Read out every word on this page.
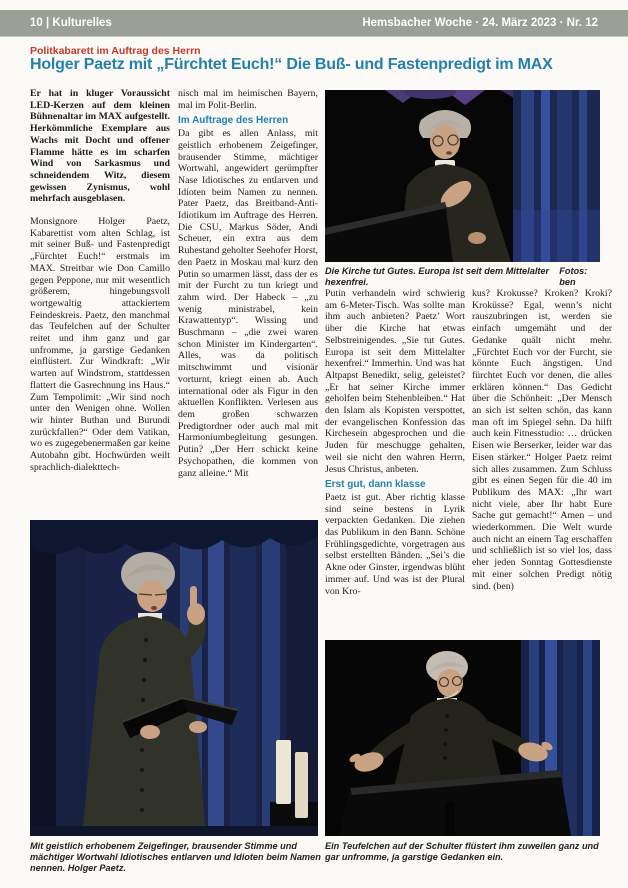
10 | Kulturelles	Hemsbacher Woche · 24. März 2023 · Nr. 12
Politkabarett im Auftrag des Herrn
Holger Paetz mit „Fürchtet Euch!“ Die Buß- und Fastenpredigt im MAX

Er hat in kluger Voraussicht LED-Kerzen auf dem kleinen Bühnenaltar im MAX aufgestellt. Herkömmliche Exemplare aus Wachs mit Docht und offener Flamme hätte es im scharfen Wind von Sarkasmus und schneidendem Witz, diesem gewissen Zynismus, wohl mehrfach ausgeblasen.

Monsignore Holger Paetz, Kabarettist vom alten Schlag, ist mit seiner Buß- und Fastenpredigt „Fürchtet Euch!“ erstmals im MAX. Streitbar wie Don Camillo gegen Peppone, nur mit wesentlich größerem, hingebungsvoll wortgewaltig attackiertem Feindeskreis. Paetz, den manchmal das Teufelchen auf der Schulter reitet und ihm ganz und gar unfromme, ja garstige Gedanken einflüstert. Zur Windkraft: „Wir warten auf Windstrom, stattdessen flattert die Gasrechnung ins Haus.“ Zum Tempolimit: „Wir sind noch unter den Wenigen ohne. Wollen wir hinter Buthan und Burundi zurückfallen?“ Oder dem Vatikan, wo es zugegebenermaßen gar keine Autobahn gibt. Hochwürden weilt sprachlich-dialekttech-

nisch mal im heimischen Bayern, mal im Polit-Berlin.

Im Auftrage des Herren

Da gibt es allen Anlass, mit geistlich erhobenem Zeigefinger, brausender Stimme, mächtiger Wortwahl, angewidert gerümpfter Nase Idiotisches zu entlarven und Idioten beim Namen zu nennen. Pater Paetz, das Breitband-Anti-Idiotikum im Auftrage des Herren. Die CSU, Markus Söder, Andi Scheuer, ein extra aus dem Ruhestand geholter Seehofer Horst, den Paetz in Moskau mal kurz den Putin so umarmen lässt, dass der es mit der Furcht zu tun kriegt und zahm wird. Der Habeck – „zu wenig ministrabel, kein Krawattentyp“. Wissing und Buschmann – „die zwei waren schon Minister im Kindergarten“. Alles, was da politisch mitschwimmt und visionär vorturnt, kriegt einen ab. Auch international oder als Figur in den aktuellen Konflikten. Verlesen aus dem großen schwarzen Predigtordner oder auch mal mit Harmoniumbegleitung gesungen. Putin? „Der Herr schickt keine Psychopathen, die kommen von ganz alleine.“ Mit

Die Kirche tut Gutes. Europa ist seit dem Mittelalter hexenfrei.
Fotos: ben

Putin verhandeln wird schwierig am 6-Meter-Tisch. Was sollte man ihm auch anbieten? Paetz’ Wort über die Kirche hat etwas Selbstreinigendes. „Sie tut Gutes. Europa ist seit dem Mittelalter hexenfrei.“ Immerhin. Und was hat Altpapst Benedikt, selig, geleistet? „Er hat seiner Kirche immer geholfen beim Stehenbleiben.“ Hat den Islam als Kopisten verspottet, der evangelischen Konfession das Kirchesein abgesprochen und die Juden für meschugge gehalten, weil sie nicht den wahren Herrn, Jesus Christus, anbeten.

Erst gut, dann klasse

Paetz ist gut. Aber richtig klasse sind seine bestens in Lyrik verpackten Gedanken. Die ziehen das Publikum in den Bann. Schöne Frühlingsgedichte, vorgetragen aus selbst erstellten Bänden. „Sei’s die Akne oder Ginster, irgendwas blüht immer auf. Und was ist der Plural von Kro-

kus? Krokusse? Kroken? Kroki? Kroküsse? Egal, wenn’s nicht rauszubringen ist, werden sie einfach umgemäht und der Gedanke quält nicht mehr. „Fürchtet Euch vor der Furcht, sie könnte Euch ängstigen. Und fürchtet Euch vor denen, die alles erklären können.“ Das Gedicht über die Schönheit: „Der Mensch an sich ist selten schön, das kann man oft im Spiegel sehn. Da hilft auch kein Fitnesstudio: … drücken Eisen wie Berserker, leider war das Eisen stärker.“ Holger Paetz reimt sich alles zusammen. Zum Schluss gibt es einen Segen für die 40 im Publikum des MAX: „Ihr wart nicht viele, aber Ihr habt Eure Sache gut gemacht!“ Amen – und wiederkommen. Die Welt wurde auch nicht an einem Tag erschaffen und schließlich ist so viel los, dass eher jeden Sonntag Gottesdienste mit einer solchen Predigt nötig sind. (ben)

Mit geistlich erhobenem Zeigefinger, brausender Stimme und mächtiger Wortwahl Idiotisches entlarven und Idioten beim Namen nennen. Holger Paetz.
Ein Teufelchen auf der Schulter flüstert ihm zuweilen ganz und gar unfromme, ja garstige Gedanken ein.
